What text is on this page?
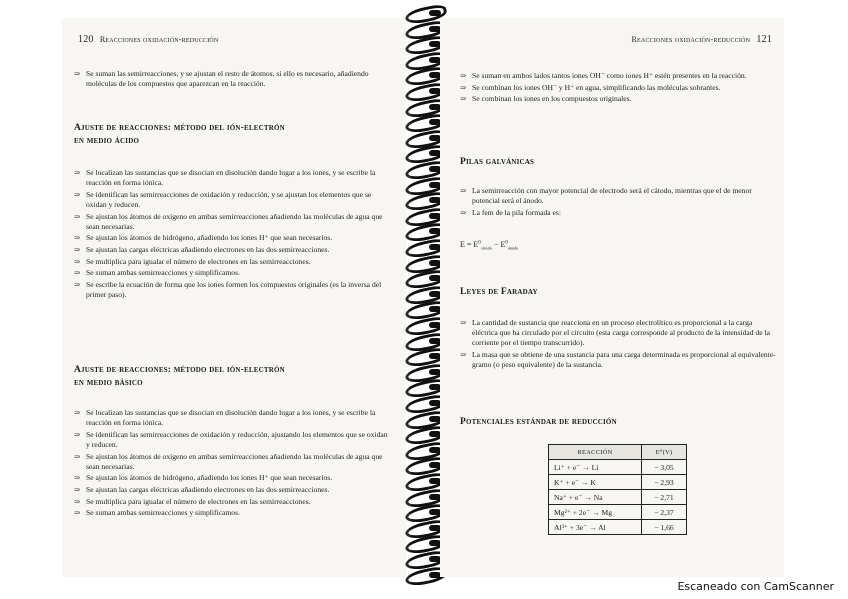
120 Reacciones oxidación-reducción
⇒ Se suman las semirreacciones, y se ajustan el resto de átomos, si ello es necesario, añadiendo moléculas de los compuestos que aparezcan en la reacción.
Ajuste de reacciones: método del ión-electrón
en medio ácido
⇒ Se localizan las sustancias que se disocian en disolución dando lugar a los iones, y se escribe la reacción en forma iónica.
⇒ Se identifican las semirreacciones de oxidación y reducción, y se ajustan los elementos que se oxidan y reducen.
⇒ Se ajustan los átomos de oxígeno en ambas semirreacciones añadiendo las moléculas de agua que sean necesarias.
⇒ Se ajustan los átomos de hidrógeno, añadiendo los iones H⁺ que sean necesarios.
⇒ Se ajustan las cargas eléctricas añadiendo electrones en las dos semirreacciones.
⇒ Se multiplica para igualar el número de electrones en las semirreacciones.
⇒ Se suman ambas semirreacciones y simplificamos.
⇒ Se escribe la ecuación de forma que los iones formen los compuestos originales (es la inversa del primer paso).
Ajuste de reacciones: método del ión-electrón
en medio básico
⇒ Se localizan las sustancias que se disocian en disolución dando lugar a los iones, y se escribe la reacción en forma iónica.
⇒ Se identifican las semirreacciones de oxidación y reducción, ajustando los elementos que se oxidan y reducen.
⇒ Se ajustan los átomos de oxígeno en ambas semirreacciones añadiendo las moléculas de agua que sean necesarias.
⇒ Se ajustan los átomos de hidrógeno, añadiendo los iones H⁺ que sean necesarios.
⇒ Se ajustan las cargas eléctricas añadiendo electrones en las dos semirreacciones.
⇒ Se multiplica para igualar el número de electrones en las semirreacciones.
⇒ Se suman ambas semirreacciones y simplificamos.
Reacciones oxidación-reducción 121
⇒ Se suman en ambos lados tantos iones OH⁻ como iones H⁺ estén presentes en la reacción.
⇒ Se combinan los iones OH⁻ y H⁺ en agua, simplificando las moléculas sobrantes.
⇒ Se combinan los iones en los compuestos originales.
Pilas galvánicas
⇒ La semirreacción con mayor potencial de electrodo será el cátodo, mientras que el de menor potencial será el ánodo.
⇒ La fem de la pila formada es:
$E = E^0_{cátodo} - E^0_{ánodo}$
Leyes de Faraday
⇒ La cantidad de sustancia que reacciona en un proceso electrolítico es proporcional a la carga eléctrica que ha circulado por el circuito (esta carga corresponde al producto de la intensidad de la corriente por el tiempo transcurrido).
⇒ La masa que se obtiene de una sustancia para una carga determinada es proporcional al equivalente-gramo (o peso equivalente) de la sustancia.
Potenciales estándar de reducción
REACCIÓN	E⁰(V)
Li⁺ + e⁻ → Li	− 3,05
K⁺ + e⁻ → K	− 2,93
Na⁺ + e⁻ → Na	− 2,71
Mg²⁺ + 2e⁻ → Mg	− 2,37
Al³⁺ + 3e⁻ → Al	− 1,66
Escaneado con CamScanner
